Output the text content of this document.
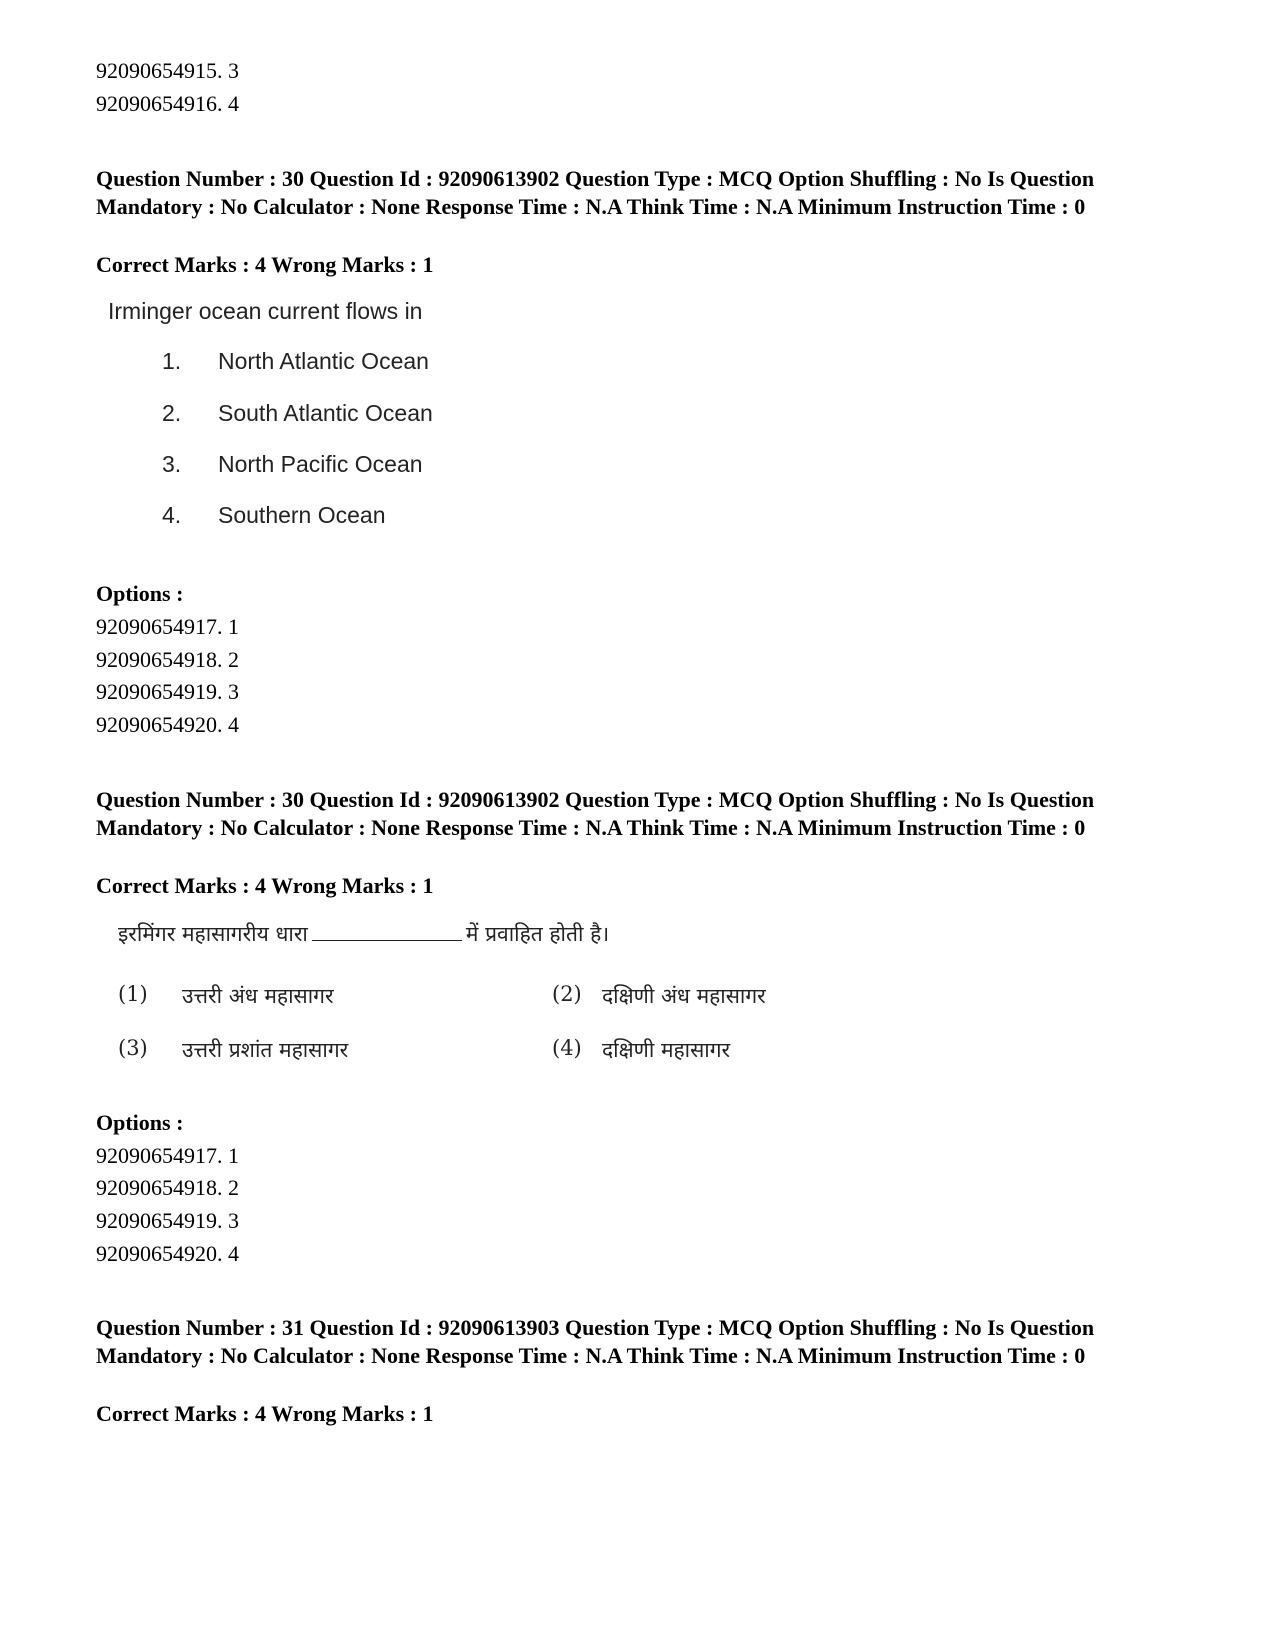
92090654915. 3
92090654916. 4
Question Number : 30 Question Id : 92090613902 Question Type : MCQ Option Shuffling : No Is Question Mandatory : No Calculator : None Response Time : N.A Think Time : N.A Minimum Instruction Time : 0
Correct Marks : 4 Wrong Marks : 1
Irminger ocean current flows in
1.	North Atlantic Ocean
2.	South Atlantic Ocean
3.	North Pacific Ocean
4.	Southern Ocean
Options :
92090654917. 1
92090654918. 2
92090654919. 3
92090654920. 4
Question Number : 30 Question Id : 92090613902 Question Type : MCQ Option Shuffling : No Is Question Mandatory : No Calculator : None Response Time : N.A Think Time : N.A Minimum Instruction Time : 0
Correct Marks : 4 Wrong Marks : 1
इरमिंगर महासागरीय धारा	में प्रवाहित होती है।
(1) उत्तरी अंध महासागर	(2) दक्षिणी अंध महासागर
(3) उत्तरी प्रशांत महासागर	(4) दक्षिणी महासागर
Options :
92090654917. 1
92090654918. 2
92090654919. 3
92090654920. 4
Question Number : 31 Question Id : 92090613903 Question Type : MCQ Option Shuffling : No Is Question Mandatory : No Calculator : None Response Time : N.A Think Time : N.A Minimum Instruction Time : 0
Correct Marks : 4 Wrong Marks : 1
